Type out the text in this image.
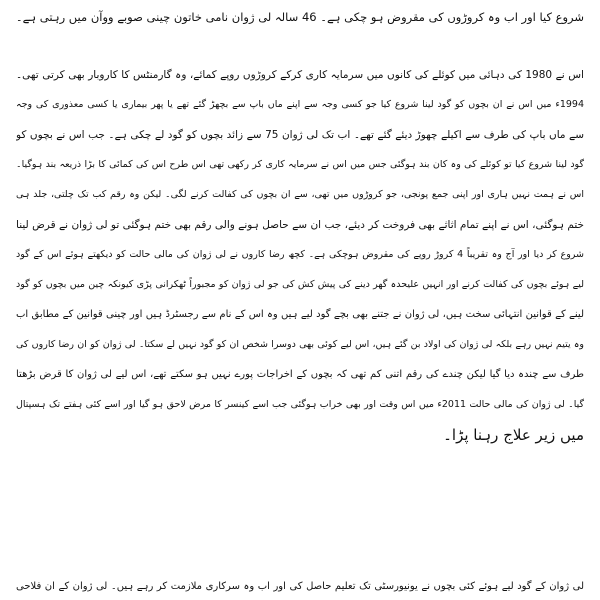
شروع کیا اور اب وہ کروڑوں کی مقروض ہو چکی ہے۔ 46 سالہ لی ژوان نامی خاتون چینی صوبے ووآن میں رہتی ہے۔
اس نے 1980 کی دہائی میں کوئلے کی کانوں میں سرمایہ کاری کرکے کروڑوں روپے کمائے، وہ گارمنٹس کا کاروبار بھی کرتی تھی۔
1994ء میں اس نے ان بچوں کو گود لینا شروع کیا جو کسی وجہ سے اپنے ماں باپ سے بچھڑ گئے تھے یا پھر بیماری یا کسی معذوری کی وجہ
سے ماں باپ کی طرف سے اکیلے چھوڑ دیئے گئے تھے۔ اب تک لی ژوان 75 سے زائد بچوں کو گود لے چکی ہے۔ جب اس نے بچوں کو
گود لینا شروع کیا تو کوئلے کی وہ کان بند ہوگئی جس میں اس نے سرمایہ کاری کر رکھی تھی اس طرح اس کی کمائی کا بڑا ذریعہ بند ہوگیا۔
اس نے ہمت نہیں ہاری اور اپنی جمع پونجی، جو کروڑوں میں تھی، سے ان بچوں کی کفالت کرنے لگی۔ لیکن وہ رقم کب تک چلتی، جلد ہی
ختم ہوگئی، اس نے اپنے تمام اثاثے بھی فروخت کر دیئے، جب ان سے حاصل ہونے والی رقم بھی ختم ہوگئی تو لی ژوان نے قرض لینا
شروع کر دیا اور آج وہ تقریباً 4 کروڑ روپے کی مقروض ہوچکی ہے۔ کچھ رضا کاروں نے لی ژوان کی مالی حالت کو دیکھتے ہوئے اس کے گود
لیے ہوئے بچوں کی کفالت کرنے اور انہیں علیحدہ گھر دینے کی پیش کش کی جو لی ژوان کو مجبوراً ٹھکرانی پڑی کیونکہ چین میں بچوں کو گود
لینے کے قوانین انتہائی سخت ہیں، لی ژوان نے جتنے بھی بچے گود لیے ہیں وہ اس کے نام سے رجسٹرڈ ہیں اور چینی قوانین کے مطابق اب
وہ یتیم نہیں رہے بلکہ لی ژوان کی اولاد بن گئے ہیں، اس لیے کوئی بھی دوسرا شخص ان کو گود نہیں لے سکتا۔ لی ژوان کو ان رضا کاروں کی
طرف سے چندہ دیا گیا لیکن چندے کی رقم اتنی کم تھی کہ بچوں کے اخراجات پورے نہیں ہو سکتے تھے، اس لیے لی ژوان کا قرض بڑھتا
گیا۔ لی ژوان کی مالی حالت 2011ء میں اس وقت اور بھی خراب ہوگئی جب اسے کینسر کا مرض لاحق ہو گیا اور اسے کئی ہفتے تک ہسپتال
میں زیر علاج رہنا پڑا۔
لی ژوان کے گود لیے ہوئے کئی بچوں نے یونیورسٹی تک تعلیم حاصل کی اور اب وہ سرکاری ملازمت کر رہے ہیں۔ لی ژوان کے ان فلاحی
